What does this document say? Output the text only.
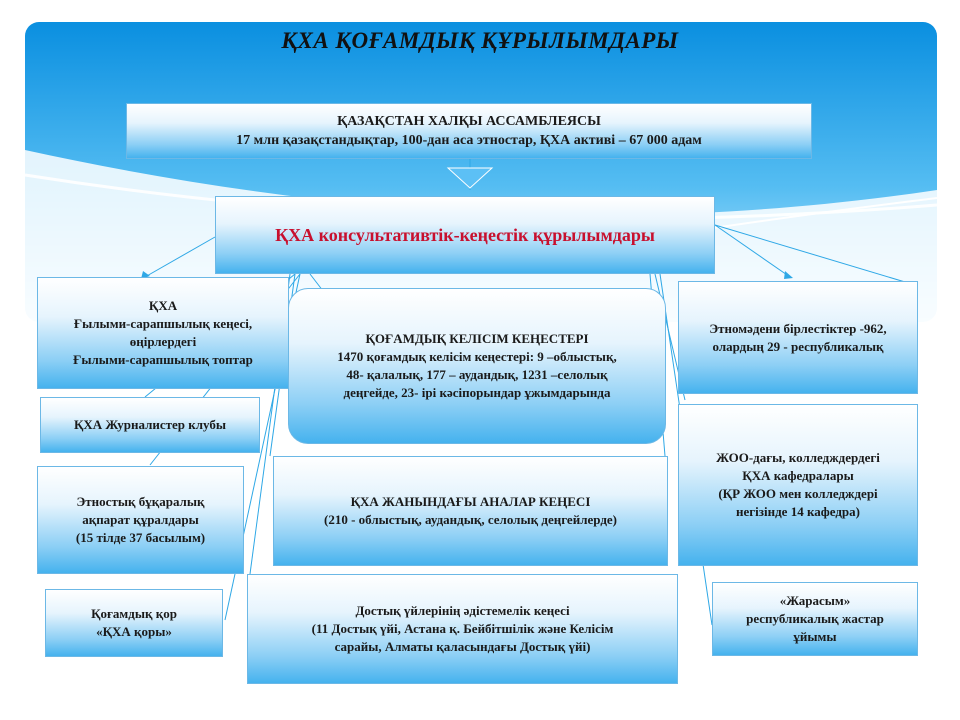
ҚХА ҚОҒАМДЫҚ ҚҰРЫЛЫМДАРЫ
ҚАЗАҚСТАН ХАЛҚЫ АССАМБЛЕЯСЫ
17 млн қазақстандықтар, 100-дан аса этностар, ҚХА активі – 67 000 адам
ҚХА консультативтік-кеңестік құрылымдары
ҚХА
Ғылыми-сарапшылық кеңесі,
өңірлердегі
Ғылыми-сарапшылық топтар
ҚОҒАМДЫҚ КЕЛІСІМ КЕҢЕСТЕРІ
1470 қоғамдық келісім кеңестері: 9 –облыстық,
48- қалалық, 177 – аудандық, 1231 –селолық
деңгейде, 23- ірі кәсіпорындар ұжымдарында
Этномәдени бірлестіктер -962,
олардың 29 - республикалық
ҚХА Журналистер клубы
ЖОО-дағы, колледждердегі
ҚХА кафедралары
(ҚР ЖОО мен колледждері
негізінде 14 кафедра)
Этностық бұқаралық
ақпарат құралдары
(15 тілде 37 басылым)
ҚХА ЖАНЫНДАҒЫ АНАЛАР КЕҢЕСІ
(210 - облыстық, аудандық, селолық деңгейлерде)
Қоғамдық қор
«ҚХА қоры»
Достық үйлерінің әдістемелік кеңесі
(11 Достық үйі, Астана қ. Бейбітшілік және Келісім
сарайы, Алматы қаласындағы Достық үйі)
«Жарасым»
республикалық жастар
ұйымы
